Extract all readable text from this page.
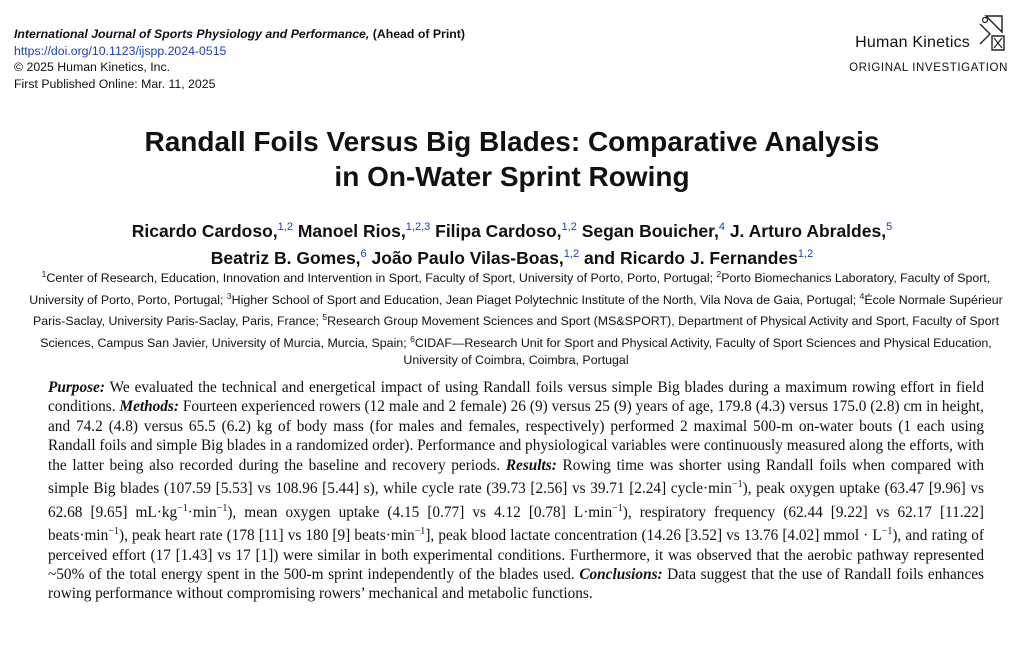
International Journal of Sports Physiology and Performance, (Ahead of Print)
https://doi.org/10.1123/ijspp.2024-0515
© 2025 Human Kinetics, Inc.
First Published Online: Mar. 11, 2025
Human Kinetics
ORIGINAL INVESTIGATION
Randall Foils Versus Big Blades: Comparative Analysis
in On-Water Sprint Rowing
Ricardo Cardoso,$^{1,2}$ Manoel Rios,$^{1,2,3}$ Filipa Cardoso,$^{1,2}$ Segan Bouicher,$^4$ J. Arturo Abraldes,$^5$
Beatriz B. Gomes,$^6$ João Paulo Vilas-Boas,$^{1,2}$ and Ricardo J. Fernandes$^{1,2}$
$^1$Center of Research, Education, Innovation and Intervention in Sport, Faculty of Sport, University of Porto, Porto, Portugal; $^2$Porto Biomechanics Laboratory, Faculty of Sport, University of Porto, Porto, Portugal; $^3$Higher School of Sport and Education, Jean Piaget Polytechnic Institute of the North, Vila Nova de Gaia, Portugal; $^4$École Normale Supérieur Paris-Saclay, University Paris-Saclay, Paris, France; $^5$Research Group Movement Sciences and Sport (MS&SPORT), Department of Physical Activity and Sport, Faculty of Sport Sciences, Campus San Javier, University of Murcia, Murcia, Spain; $^6$CIDAF—Research Unit for Sport and Physical Activity, Faculty of Sport Sciences and Physical Education, University of Coimbra, Coimbra, Portugal
Purpose: We evaluated the technical and energetical impact of using Randall foils versus simple Big blades during a maximum rowing effort in field conditions. Methods: Fourteen experienced rowers (12 male and 2 female) 26 (9) versus 25 (9) years of age, 179.8 (4.3) versus 175.0 (2.8) cm in height, and 74.2 (4.8) versus 65.5 (6.2) kg of body mass (for males and females, respectively) performed 2 maximal 500-m on-water bouts (1 each using Randall foils and simple Big blades in a randomized order). Performance and physiological variables were continuously measured along the efforts, with the latter being also recorded during the baseline and recovery periods. Results: Rowing time was shorter using Randall foils when compared with simple Big blades (107.59 [5.53] vs 108.96 [5.44] s), while cycle rate (39.73 [2.56] vs 39.71 [2.24] $cycle\cdot\min^{-1}$), peak oxygen uptake (63.47 [9.96] vs 62.68 [9.65] $mL\cdot kg^{-1}\cdot\min^{-1}$), mean oxygen uptake (4.15 [0.77] vs 4.12 [0.78] $L\cdot\min^{-1}$), respiratory frequency (62.44 [9.22] vs 62.17 [11.22] $beats\cdot\min^{-1}$), peak heart rate (178 [11] vs 180 [9] $beats\cdot\min^{-1}$], peak blood lactate concentration (14.26 [3.52] vs 13.76 [4.02] mmol · $L^{-1}$), and rating of perceived effort (17 [1.43] vs 17 [1]) were similar in both experimental conditions. Furthermore, it was observed that the aerobic pathway represented ~50% of the total energy spent in the 500-m sprint independently of the blades used. Conclusions: Data suggest that the use of Randall foils enhances rowing performance without compromising rowers’ mechanical and metabolic functions.
